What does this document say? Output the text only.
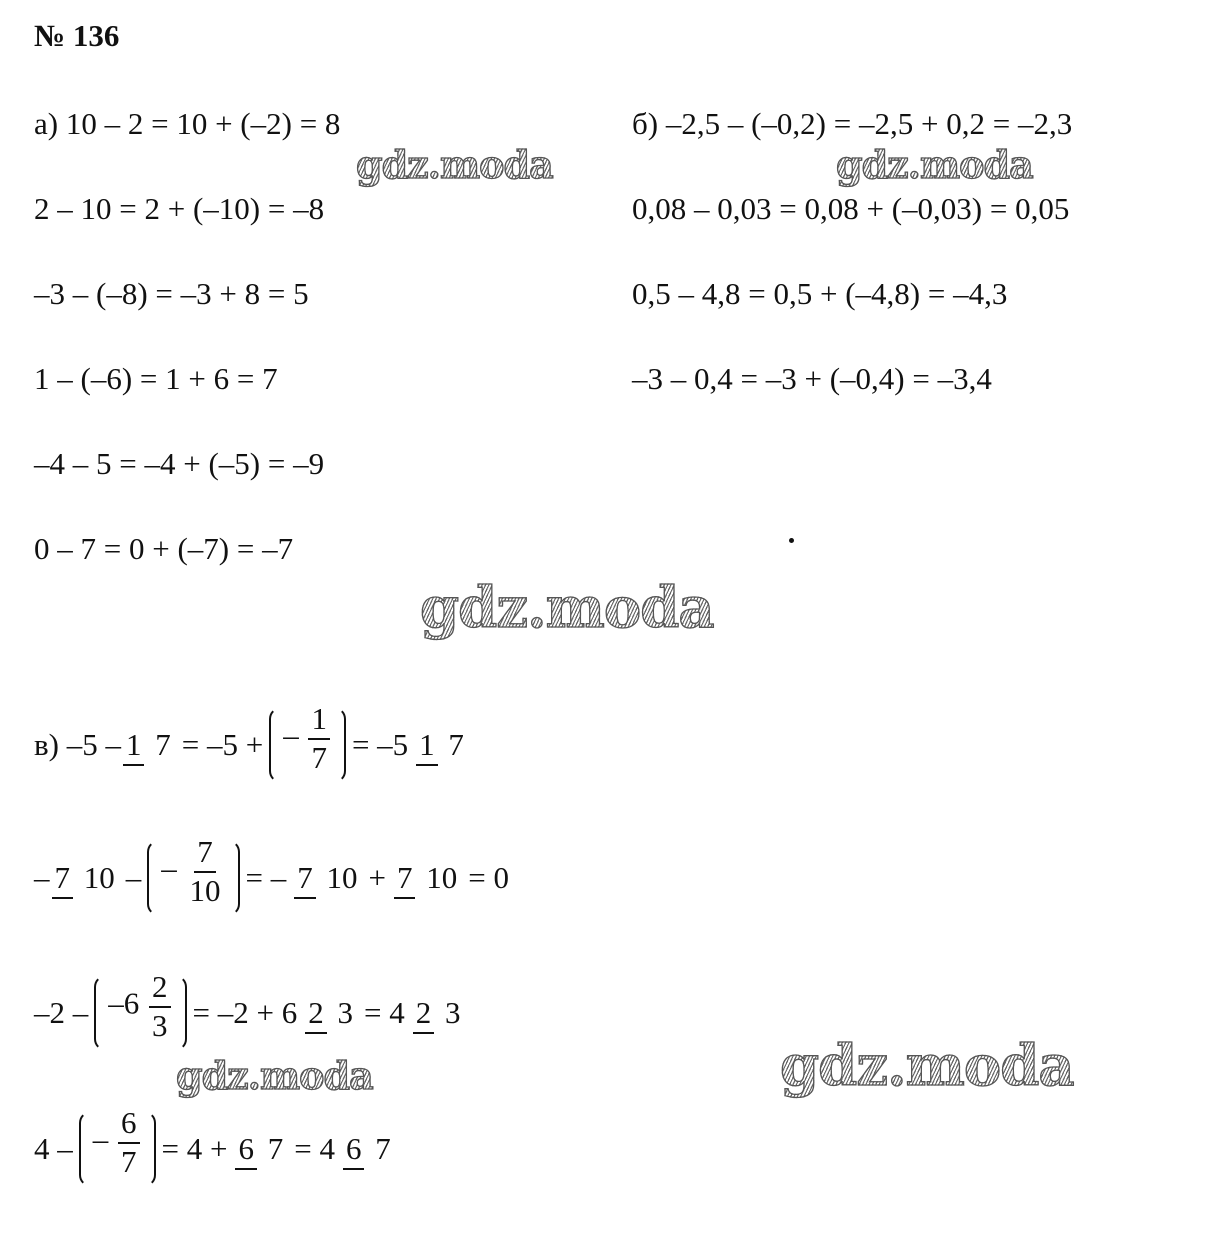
№ 136
а) 10 – 2 = 10 + (–2) = 8
2 – 10 = 2 + (–10) = –8
–3 – (–8) = –3 + 8 = 5
1 – (–6) = 1 + 6 = 7
–4 – 5 = –4 + (–5) = –9
0 – 7 = 0 + (–7) = –7
б) –2,5 – (–0,2) = –2,5 + 0,2 = –2,3
0,08 – 0,03 = 0,08 + (–0,03) = 0,05
0,5 – 4,8 = 0,5 + (–4,8) = –4,3
–3 – 0,4 = –3 + (–0,4) = –3,4
в) –5 – 1 7 = –5 + – $\frac{1}{7} = -5$ 1 7
– 7 10 – – $\frac{7}{10}$ = – 7 10 + 7 10 = 0
$-2 - -6 \frac{2}{3} = -2 + 6$ 2 3 = 4 2 3
4 – – $\frac{6}{7} = 4 + 6$ 7 = 4 6 7
gdz.moda	gdz.moda
gdz.moda
gdz.moda	gdz.moda
